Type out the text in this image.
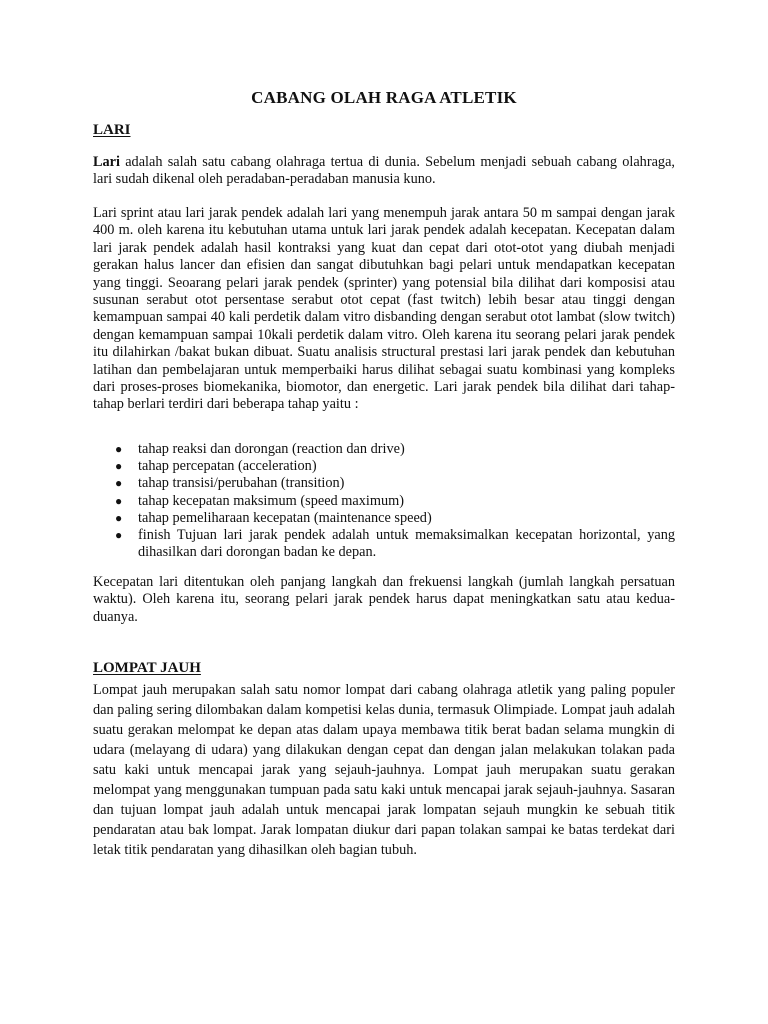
CABANG OLAH RAGA ATLETIK
LARI

Lari adalah salah satu cabang olahraga tertua di dunia. Sebelum menjadi sebuah cabang olahraga, lari sudah dikenal oleh peradaban-peradaban manusia kuno.

Lari sprint atau lari jarak pendek adalah lari yang menempuh jarak antara 50 m sampai dengan jarak 400 m. oleh karena itu kebutuhan utama untuk lari jarak pendek adalah kecepatan. Kecepatan dalam lari jarak pendek adalah hasil kontraksi yang kuat dan cepat dari otot-otot yang diubah menjadi gerakan halus lancer dan efisien dan sangat dibutuhkan bagi pelari untuk mendapatkan kecepatan yang tinggi. Seoarang pelari jarak pendek (sprinter) yang potensial bila dilihat dari komposisi atau susunan serabut otot persentase serabut otot cepat (fast twitch) lebih besar atau tinggi dengan kemampuan sampai 40 kali perdetik dalam vitro disbanding dengan serabut otot lambat (slow twitch) dengan kemampuan sampai 10kali perdetik dalam vitro. Oleh karena itu seorang pelari jarak pendek itu dilahirkan /bakat bukan dibuat. Suatu analisis structural prestasi lari jarak pendek dan kebutuhan latihan dan pembelajaran untuk memperbaiki harus dilihat sebagai suatu kombinasi yang kompleks dari proses-proses biomekanika, biomotor, dan energetic. Lari jarak pendek bila dilihat dari tahap-tahap berlari terdiri dari beberapa tahap yaitu :

● tahap reaksi dan dorongan (reaction dan drive)
● tahap percepatan (acceleration)
● tahap transisi/perubahan (transition)
● tahap kecepatan maksimum (speed maximum)
● tahap pemeliharaan kecepatan (maintenance speed)
● finish Tujuan lari jarak pendek adalah untuk memaksimalkan kecepatan horizontal, yang dihasilkan dari dorongan badan ke depan.

Kecepatan lari ditentukan oleh panjang langkah dan frekuensi langkah (jumlah langkah persatuan waktu). Oleh karena itu, seorang pelari jarak pendek harus dapat meningkatkan satu atau kedua-duanya.

LOMPAT JAUH

Lompat jauh merupakan salah satu nomor lompat dari cabang olahraga atletik yang paling populer dan paling sering dilombakan dalam kompetisi kelas dunia, termasuk Olimpiade. Lompat jauh adalah suatu gerakan melompat ke depan atas dalam upaya membawa titik berat badan selama mungkin di udara (melayang di udara) yang dilakukan dengan cepat dan dengan jalan melakukan tolakan pada satu kaki untuk mencapai jarak yang sejauh-jauhnya. Lompat jauh merupakan suatu gerakan melompat yang menggunakan tumpuan pada satu kaki untuk mencapai jarak sejauh-jauhnya. Sasaran dan tujuan lompat jauh adalah untuk mencapai jarak lompatan sejauh mungkin ke sebuah titik pendaratan atau bak lompat. Jarak lompatan diukur dari papan tolakan sampai ke batas terdekat dari letak titik pendaratan yang dihasilkan oleh bagian tubuh.
